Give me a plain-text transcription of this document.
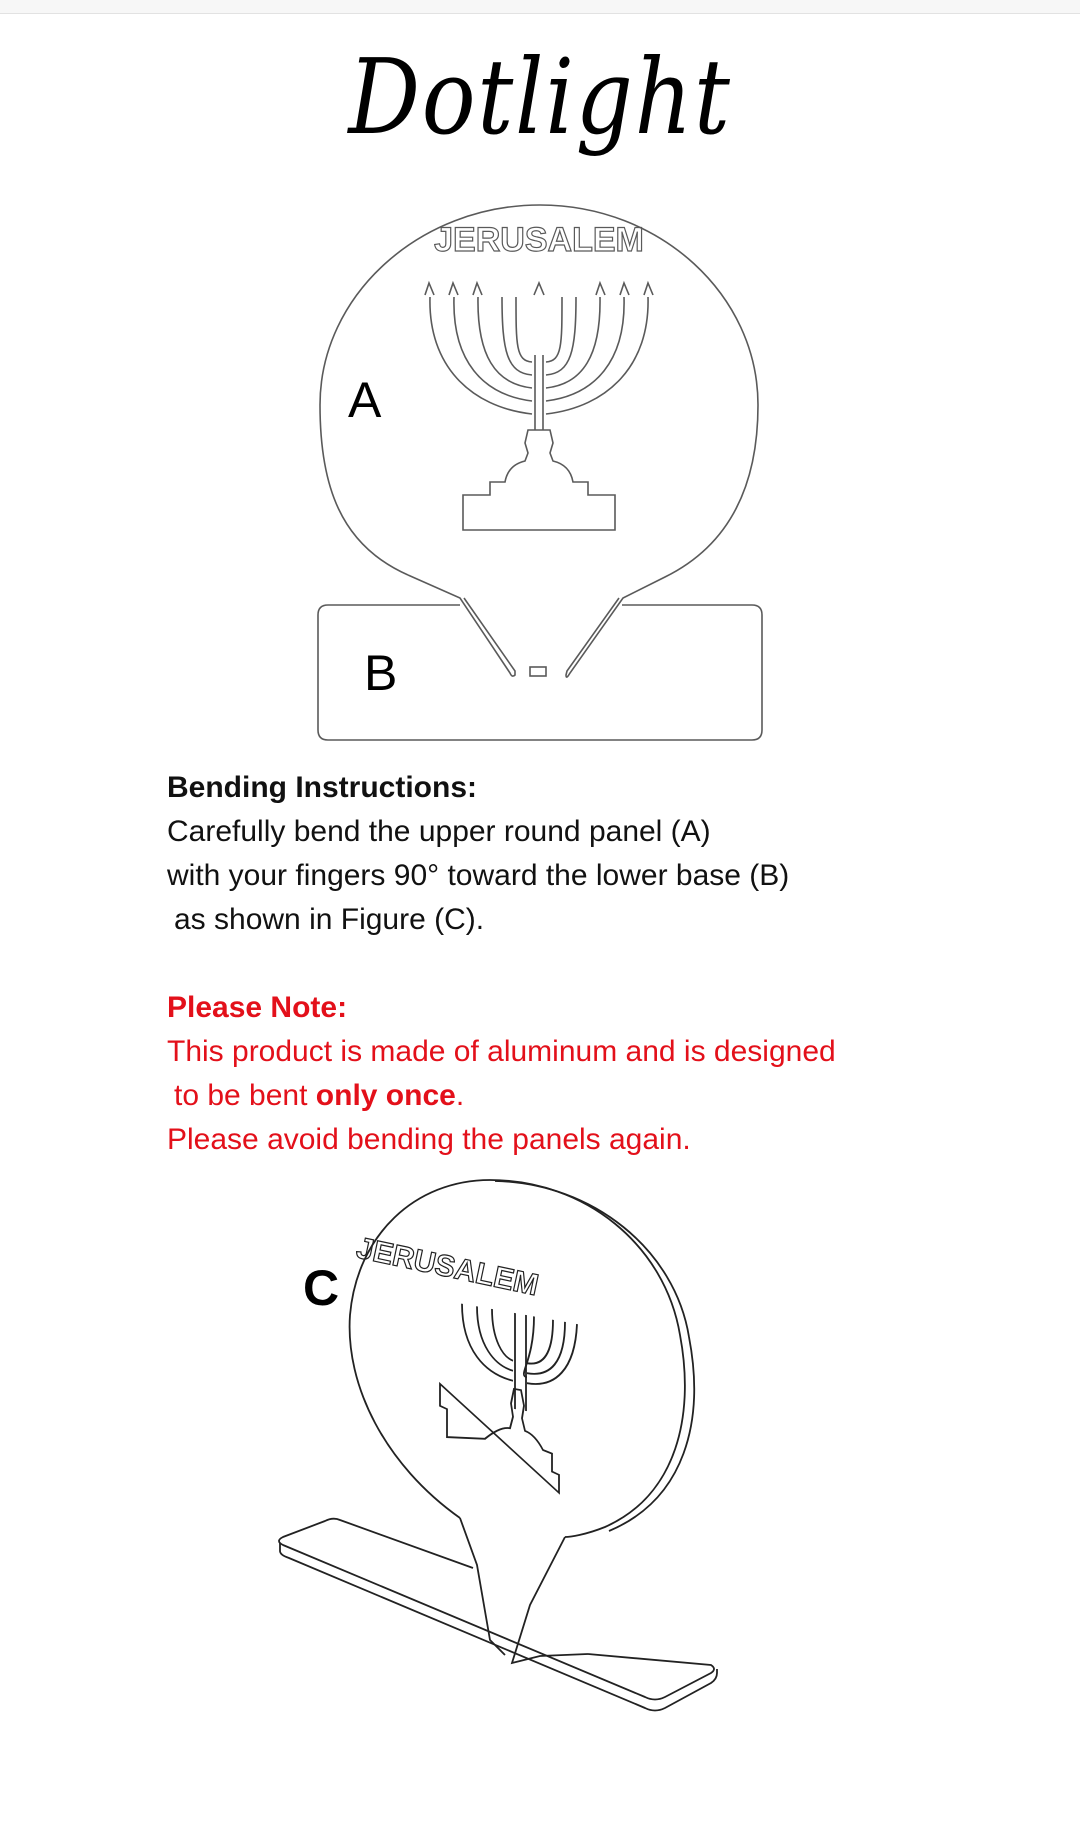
Dotlight
JERUSALEM
A
B
Bending Instructions:
Carefully bend the upper round panel (A)
with your fingers 90° toward the lower base (B)
as shown in Figure (C).
Please Note:
This product is made of aluminum and is designed
to be bent only once.
Please avoid bending the panels again.
JERUSALEM
C
